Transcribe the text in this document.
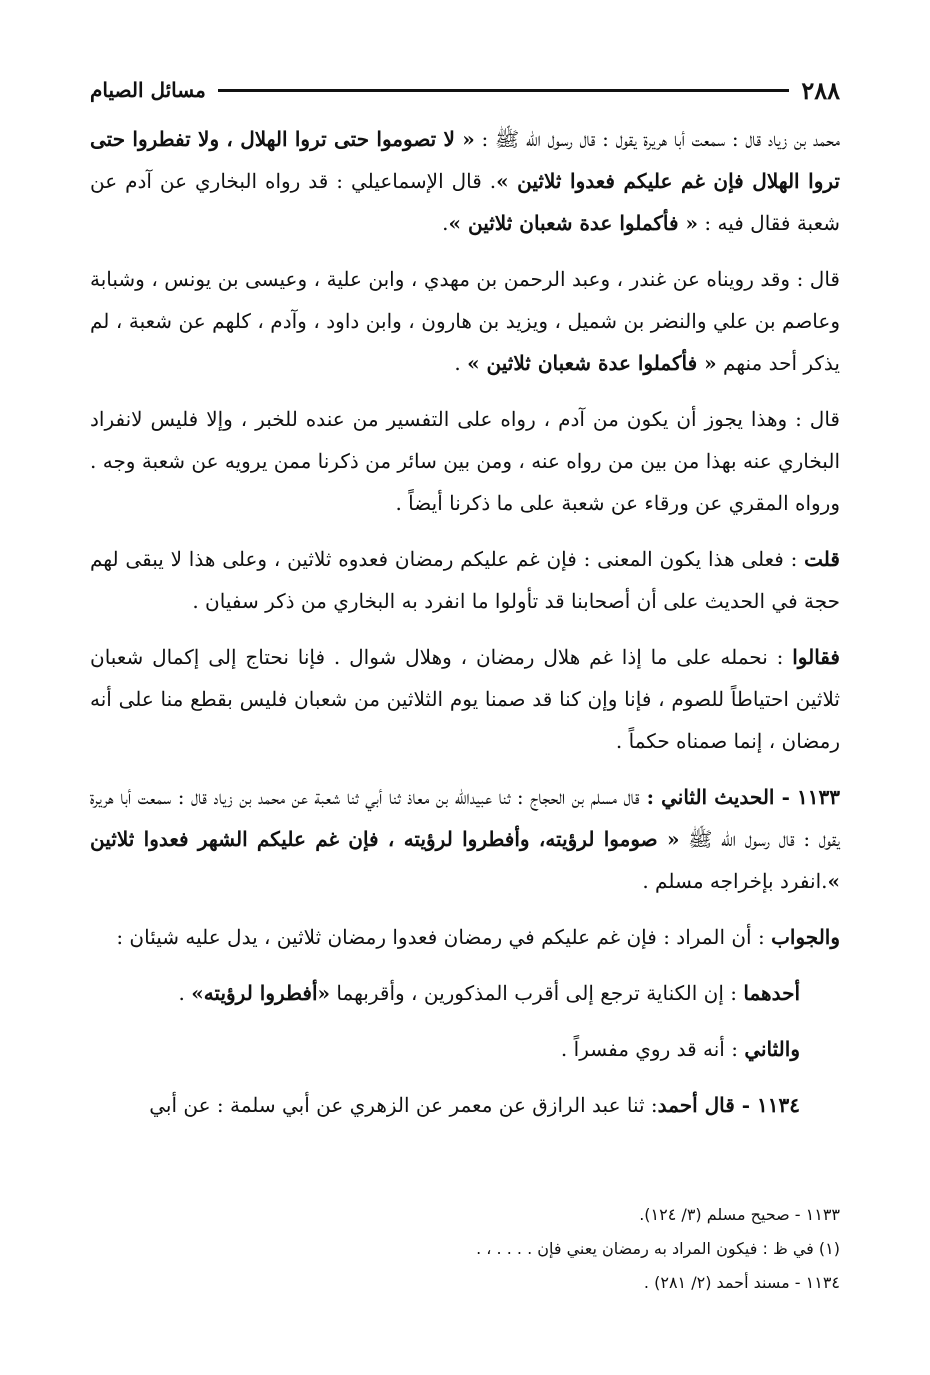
٢٨٨
مسائل الصيام

محمد بن زياد قال : سمعت أبا هريرة يقول : قال رسول الله ﷺ : « لا تصوموا حتى تروا الهلال ، ولا تفطروا حتى تروا الهلال فإن غم عليكم فعدوا ثلاثين ». قال الإسماعيلي : قد رواه البخاري عن آدم عن شعبة فقال فيه : « فأكملوا عدة شعبان ثلاثين ».

قال : وقد رويناه عن غندر ، وعبد الرحمن بن مهدي ، وابن علية ، وعيسى بن يونس ، وشبابة وعاصم بن علي والنضر بن شميل ، ويزيد بن هارون ، وابن داود ، وآدم ، كلهم عن شعبة ، لم يذكر أحد منهم « فأكملوا عدة شعبان ثلاثين » .

قال : وهذا يجوز أن يكون من آدم ، رواه على التفسير من عنده للخبر ، وإلا فليس لانفراد البخاري عنه بهذا من بين من رواه عنه ، ومن بين سائر من ذكرنا ممن يرويه عن شعبة وجه . ورواه المقري عن ورقاء عن شعبة على ما ذكرنا أيضاً .

قلت : فعلى هذا يكون المعنى : فإن غم عليكم رمضان فعدوه ثلاثين ، وعلى هذا لا يبقى لهم حجة في الحديث على أن أصحابنا قد تأولوا ما انفرد به البخاري من ذكر سفيان .

فقالوا : نحمله على ما إذا غم هلال رمضان ، وهلال شوال . فإنا نحتاج إلى إكمال شعبان ثلاثين احتياطاً للصوم ، فإنا وإن كنا قد صمنا يوم الثلاثين من شعبان فليس بقطع منا على أنه رمضان ، إنما صمناه حكماً .

١١٣٣ - الحديث الثاني : قال مسلم بن الحجاج : ثنا عبيدالله بن معاذ ثنا أبي ثنا شعبة عن محمد بن زياد قال : سمعت أبا هريرة يقول : قال رسول الله ﷺ « صوموا لرؤيته، وأفطروا لرؤيته ، فإن غم عليكم الشهر فعدوا ثلاثين ».انفرد بإخراجه مسلم .

والجواب : أن المراد : فإن غم عليكم في رمضان فعدوا رمضان ثلاثين ، يدل عليه شيئان :

أحدهما : إن الكناية ترجع إلى أقرب المذكورين ، وأقربهما «أفطروا لرؤيته» .

والثاني : أنه قد روي مفسراً .

١١٣٤ - قال أحمد: ثنا عبد الرازق عن معمر عن الزهري عن أبي سلمة : عن أبي

١١٣٣ - صحيح مسلم (٣/ ١٢٤).

(١) في ظ : فيكون المراد به رمضان يعني فإن . . . . ، .

١١٣٤ - مسند أحمد (٢/ ٢٨١) .
